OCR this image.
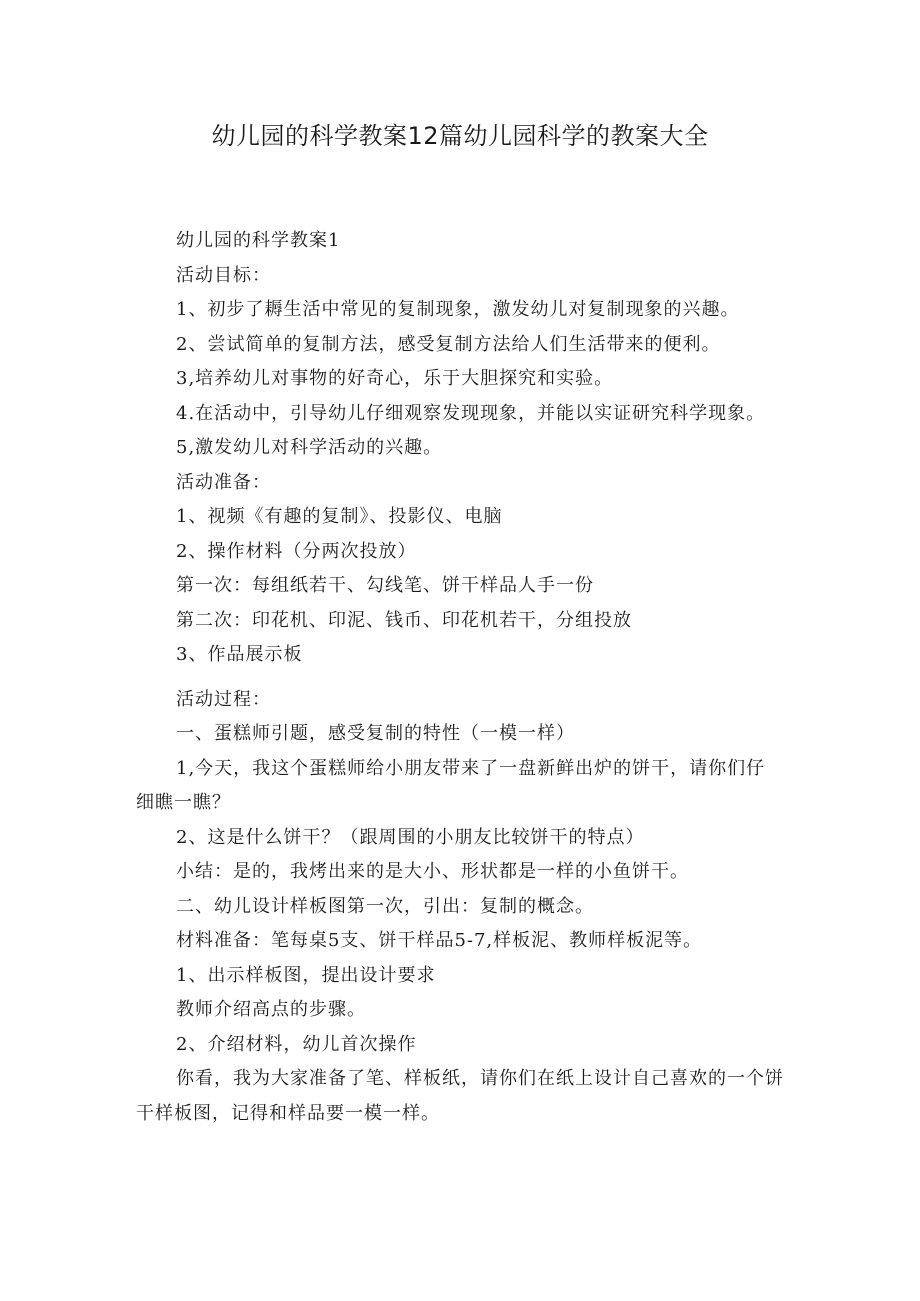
幼儿园的科学教案12篇幼儿园科学的教案大全

幼儿园的科学教案1

活动目标：

1、初步了耨生活中常见的复制现象，激发幼儿对复制现象的兴趣。

2、尝试简单的复制方法，感受复制方法给人们生活带来的便利。

3,培养幼儿对事物的好奇心，乐于大胆探究和实验。

4.在活动中，引导幼儿仔细观察发现现象，并能以实证研究科学现象。

5,激发幼儿对科学活动的兴趣。

活动准备：

1、视频《有趣的复制》、投影仪、电脑

2、操作材料（分两次投放）

第一次：每组纸若干、勾线笔、饼干样品人手一份

第二次：印花机、印泥、钱币、印花机若干，分组投放

3、作品展示板

活动过程：

一、蛋糕师引题，感受复制的特性（一模一样）

1,今天，我这个蛋糕师给小朋友带来了一盘新鲜出炉的饼干，请你们仔细瞧一瞧？

2、这是什么饼干？（跟周围的小朋友比较饼干的特点）

小结：是的，我烤出来的是大小、形状都是一样的小鱼饼干。

二、幼儿设计样板图第一次，引出：复制的概念。

材料准备：笔每桌5支、饼干样品5-7,样板泥、教师样板泥等。

1、出示样板图，提出设计要求

教师介绍高点的步骤。

2、介绍材料，幼儿首次操作

你看，我为大家准备了笔、样板纸，请你们在纸上设计自己喜欢的一个饼干样板图，记得和样品要一模一样。
